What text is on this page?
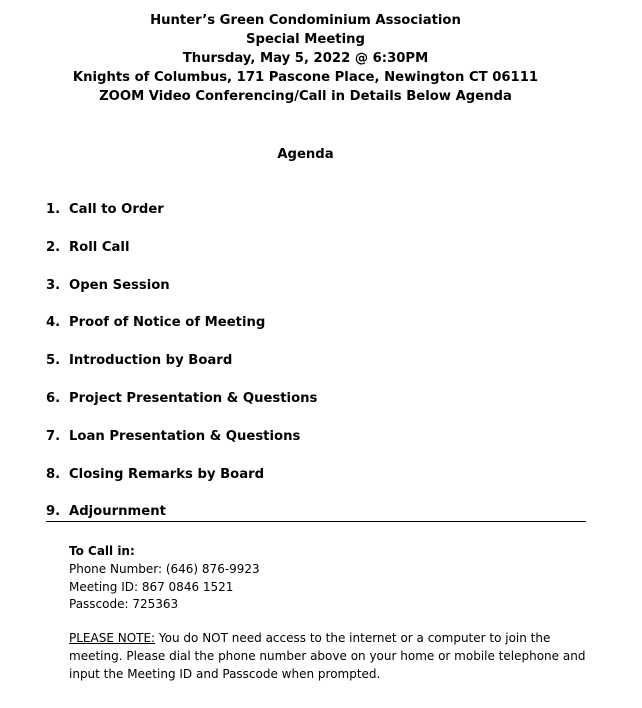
Hunter’s Green Condominium Association
Special Meeting
Thursday, May 5, 2022 @ 6:30PM
Knights of Columbus, 171 Pascone Place, Newington CT 06111
ZOOM Video Conferencing/Call in Details Below Agenda
Agenda
1. Call to Order
2. Roll Call
3. Open Session
4. Proof of Notice of Meeting
5. Introduction by Board
6. Project Presentation & Questions
7. Loan Presentation & Questions
8. Closing Remarks by Board
9. Adjournment
To Call in:
Phone Number: (646) 876-9923
Meeting ID: 867 0846 1521
Passcode: 725363
PLEASE NOTE: You do NOT need access to the internet or a computer to join the
meeting. Please dial the phone number above on your home or mobile telephone and
input the Meeting ID and Passcode when prompted.
